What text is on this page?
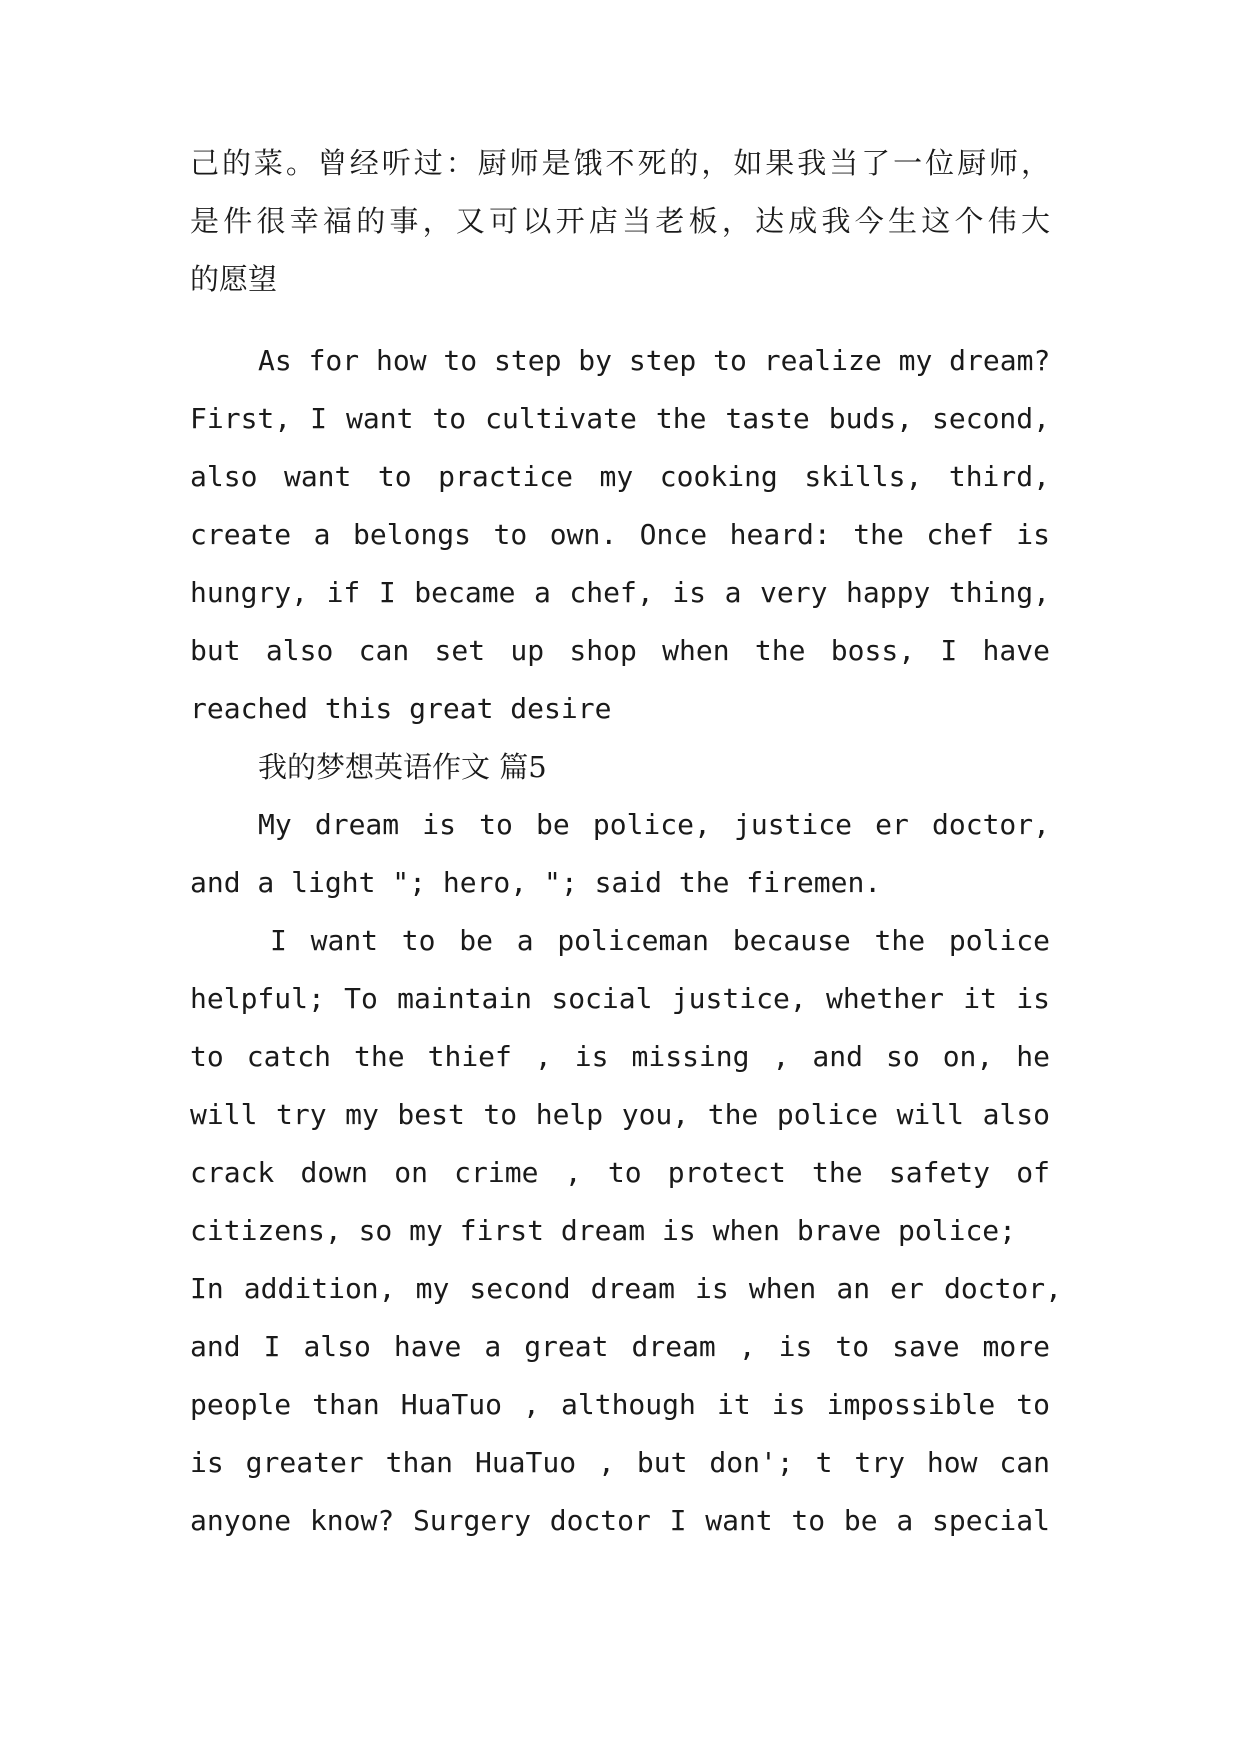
己的菜。曾经听过：厨师是饿不死的，如果我当了一位厨师，

是件很幸福的事，又可以开店当老板，达成我今生这个伟大

的愿望

As for how to step by step to realize my dream?

First, I want to cultivate the taste buds, second,

also want to practice my cooking skills, third,

create a belongs to own. Once heard: the chef is

hungry, if I became a chef, is a very happy thing,

but also can set up shop when the boss, I have

reached this great desire

我的梦想英语作文 篇5

My dream is to be police, justice er doctor,

and a light "; hero, "; said the firemen.

I want to be a policeman because the police

helpful; To maintain social justice, whether it is

to catch the thief , is missing , and so on, he

will try my best to help you, the police will also

crack down on crime , to protect the safety of

citizens, so my first dream is when brave police;

In addition, my second dream is when an er doctor,

and I also have a great dream , is to save more

people than HuaTuo , although it is impossible to

is greater than HuaTuo , but don'; t try how can

anyone know? Surgery doctor I want to be a special
